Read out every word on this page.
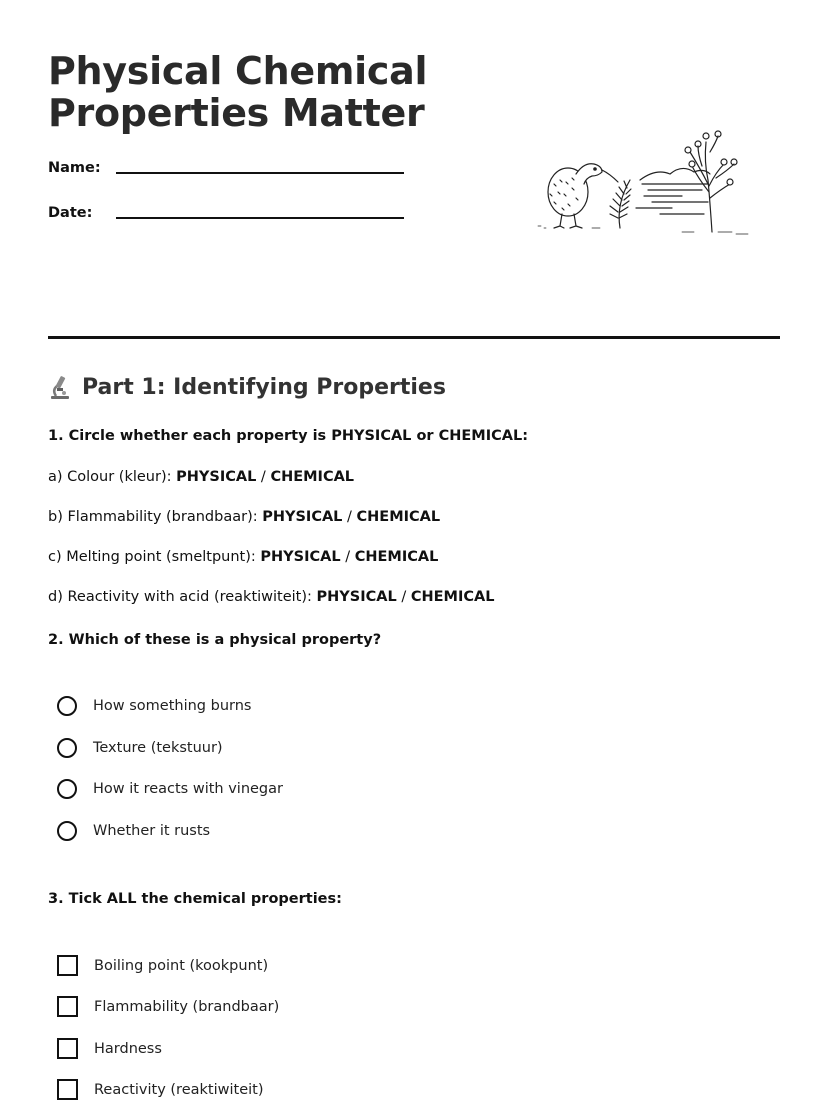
Physical Chemical
Properties Matter
Name:
Date:
Part 1: Identifying Properties

1. Circle whether each property is PHYSICAL or CHEMICAL:

a) Colour (kleur): PHYSICAL / CHEMICAL
b) Flammability (brandbaar): PHYSICAL / CHEMICAL
c) Melting point (smeltpunt): PHYSICAL / CHEMICAL
d) Reactivity with acid (reaktiwiteit): PHYSICAL / CHEMICAL

2. Which of these is a physical property?

How something burns
Texture (tekstuur)
How it reacts with vinegar
Whether it rusts

3. Tick ALL the chemical properties:

Boiling point (kookpunt)
Flammability (brandbaar)
Hardness
Reactivity (reaktiwiteit)
